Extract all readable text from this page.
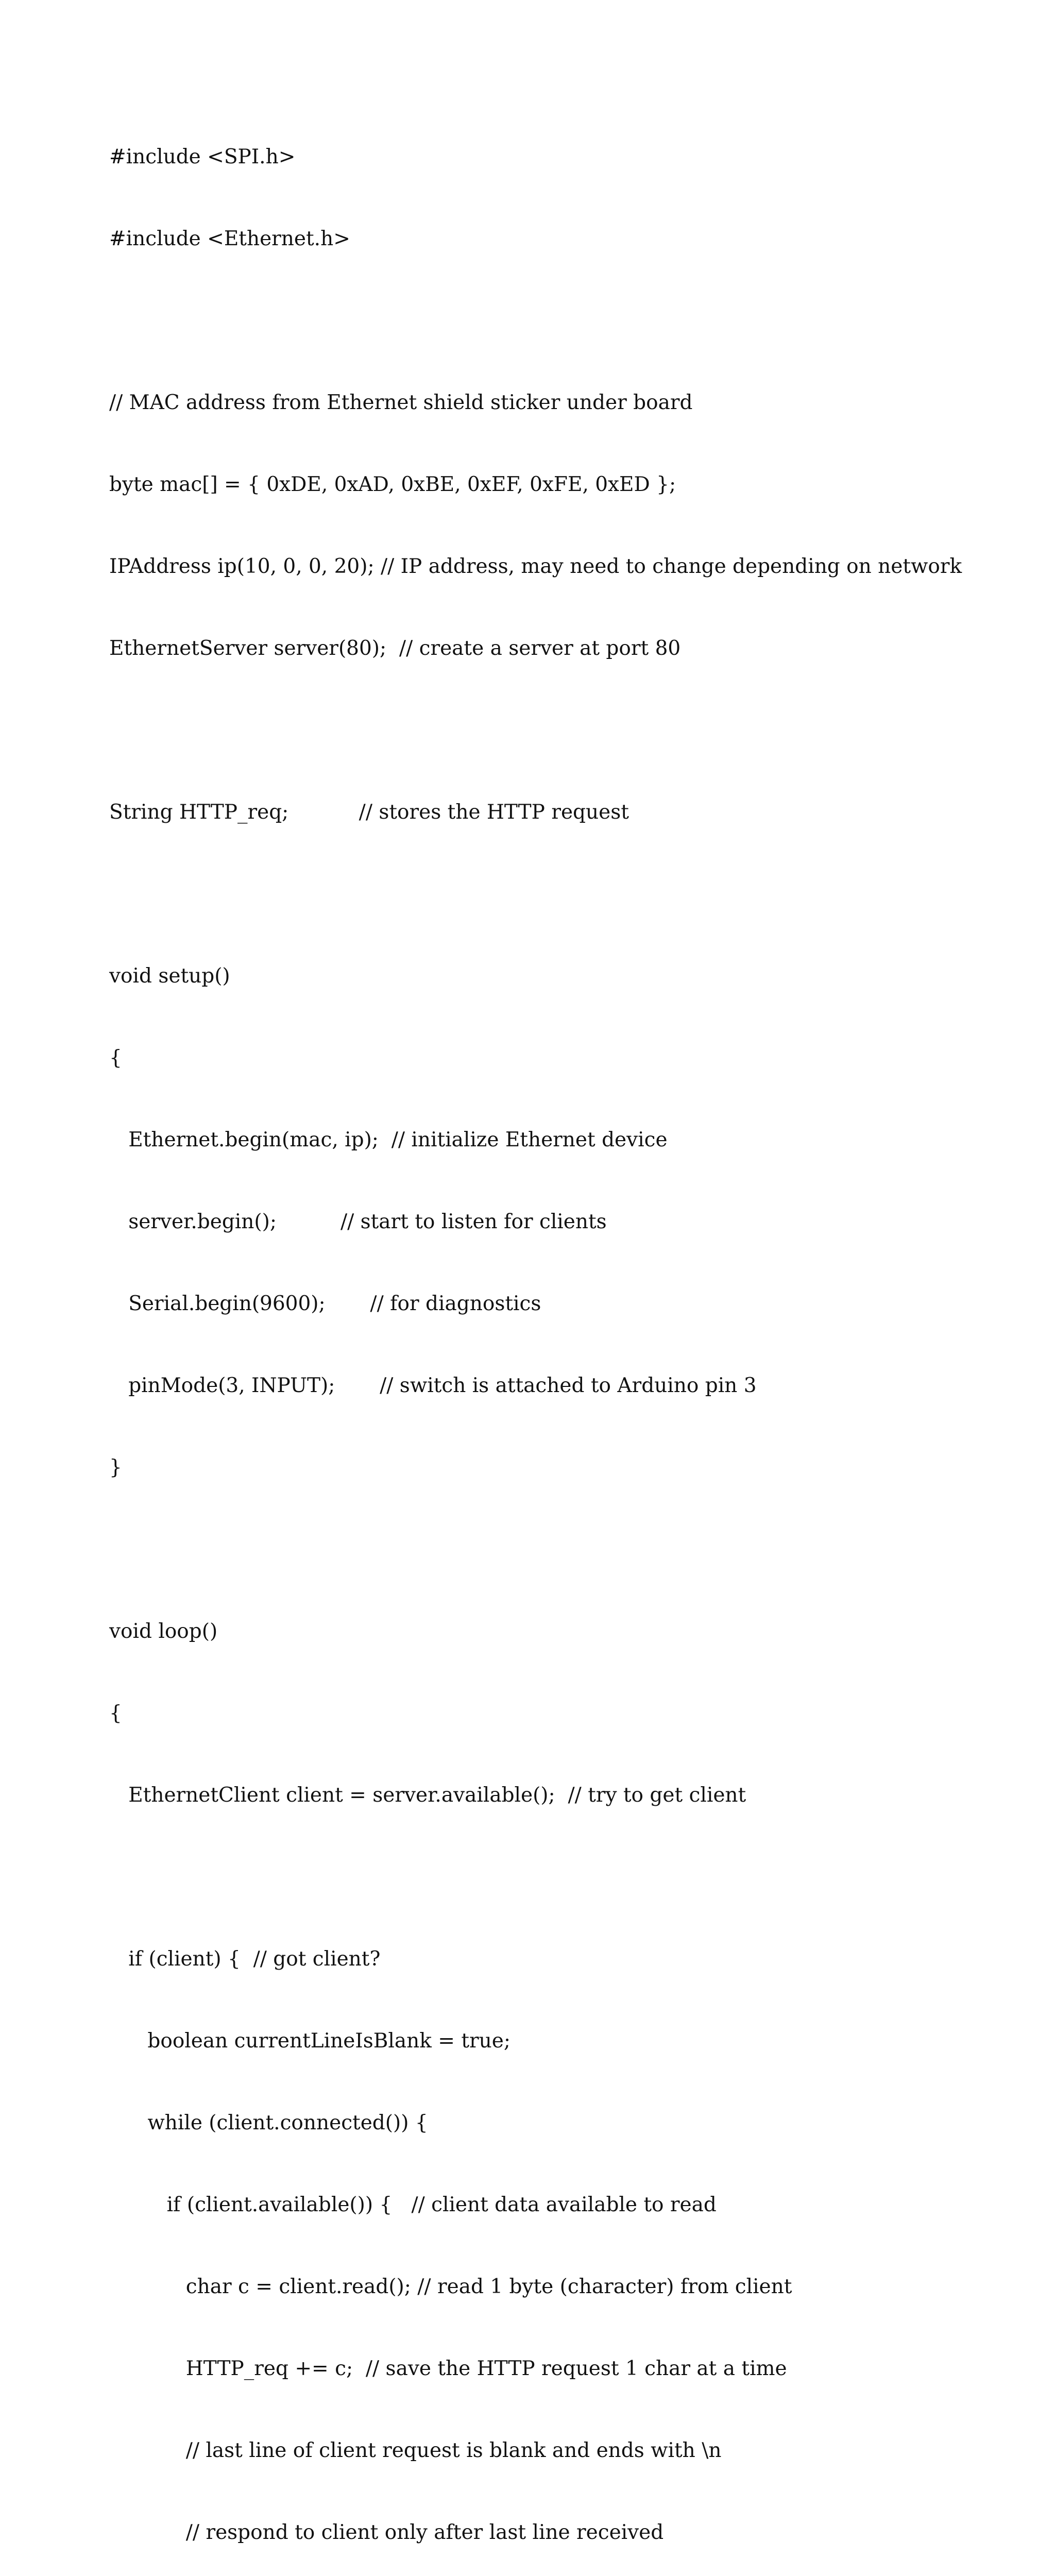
#include <SPI.h>

#include <Ethernet.h>

// MAC address from Ethernet shield sticker under board

byte mac[] = { 0xDE, 0xAD, 0xBE, 0xEF, 0xFE, 0xED };

IPAddress ip(10, 0, 0, 20); // IP address, may need to change depending on network

EthernetServer server(80);  // create a server at port 80

String HTTP_req;           // stores the HTTP request

void setup()

{

Ethernet.begin(mac, ip);  // initialize Ethernet device

server.begin();          // start to listen for clients

Serial.begin(9600);       // for diagnostics

pinMode(3, INPUT);       // switch is attached to Arduino pin 3

}

void loop()

{

EthernetClient client = server.available();  // try to get client

if (client) {  // got client?

boolean currentLineIsBlank = true;

while (client.connected()) {

if (client.available()) {   // client data available to read

char c = client.read(); // read 1 byte (character) from client

HTTP_req += c;  // save the HTTP request 1 char at a time

// last line of client request is blank and ends with \n

// respond to client only after last line received
